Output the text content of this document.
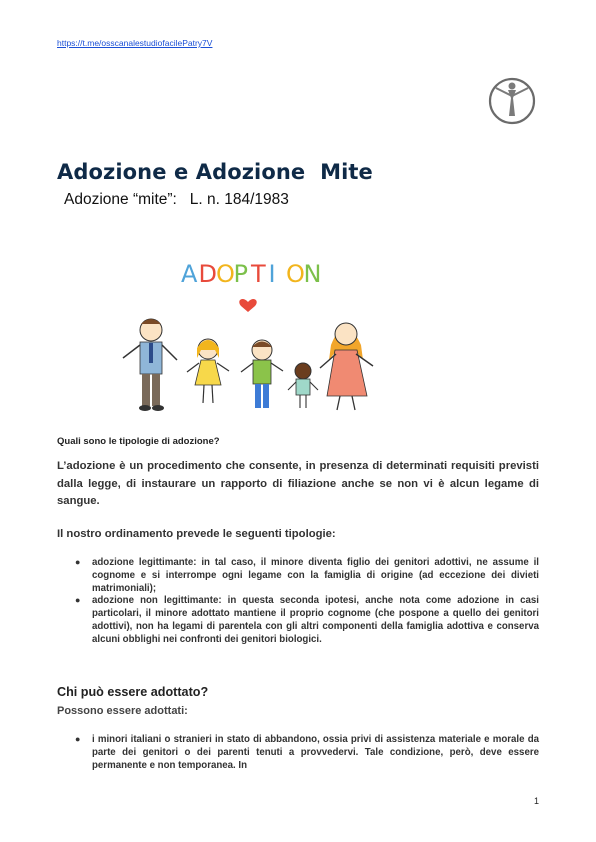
https://t.me/osscanalestudiofacilePatry7V
Adozione e Adozione  Mite
Adozione “mite”:   L. n. 184/1983
A D O
P T I O
N
Quali sono le tipologie di adozione?
L’adozione è un procedimento che consente, in presenza di determinati requisiti previsti dalla legge, di instaurare un rapporto di filiazione anche se non vi è alcun legame di sangue.
Il nostro ordinamento prevede le seguenti tipologie:
● adozione legittimante: in tal caso, il minore diventa figlio dei genitori adottivi, ne assume il cognome e si interrompe ogni legame con la famiglia di origine (ad eccezione dei divieti matrimoniali);
● adozione non legittimante: in questa seconda ipotesi, anche nota come adozione in casi particolari, il minore adottato mantiene il proprio cognome (che pospone a quello dei genitori adottivi), non ha legami di parentela con gli altri componenti della famiglia adottiva e conserva alcuni obblighi nei confronti dei genitori biologici.
Chi può essere adottato?
Possono essere adottati:
● i minori italiani o stranieri in stato di abbandono, ossia privi di assistenza materiale e morale da parte dei genitori o dei parenti tenuti a provvedervi. Tale condizione, però, deve essere permanente e non temporanea. In
1
